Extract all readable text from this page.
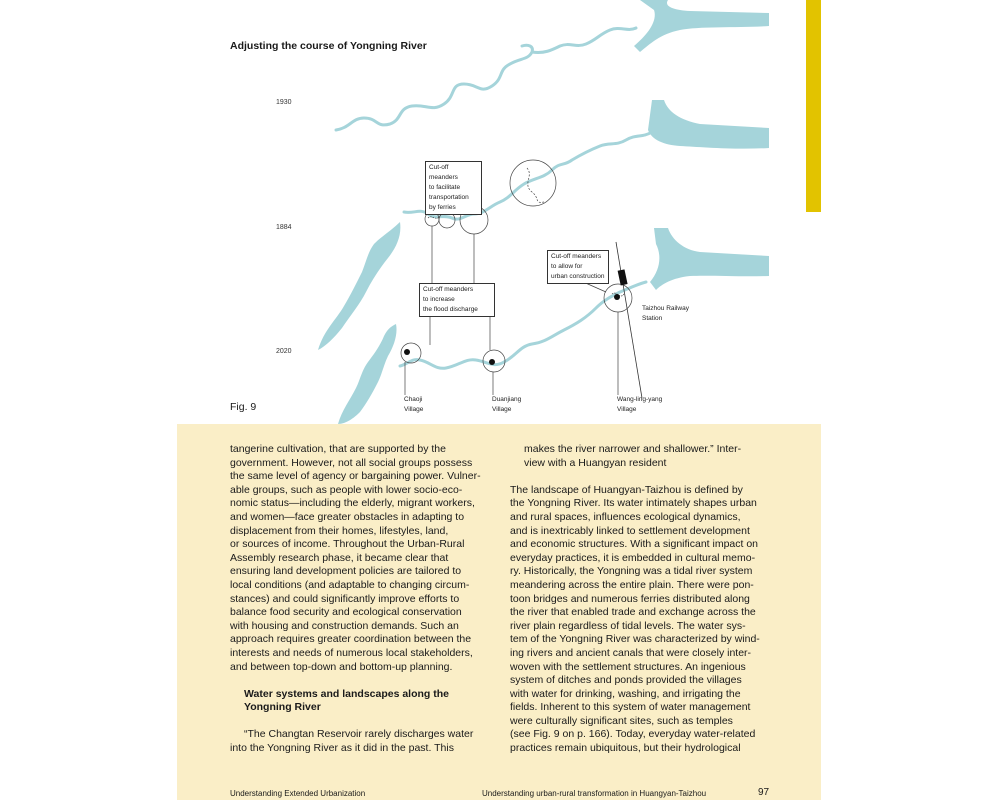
Adjusting the course of Yongning River
1930
1884
2020
Cut-off meanders
to facilitate
transportation
by ferries
Cut-off meanders
to allow for
urban construction
Cut-off meanders
to increase
the flood discharge	Taizhou Railway
Station
Chaoji
Village
Duanjiang
Village
Wang-ling-yang
Village
Fig. 9

tangerine cultivation, that are supported by the

government. However, not all social groups possess

the same level of agency or bargaining power. Vulner-

able groups, such as people with lower socio-eco-

nomic status—including the elderly, migrant workers,

and women—face greater obstacles in adapting to

displacement from their homes, lifestyles, land,

or sources of income. Throughout the Urban-Rural

Assembly research phase, it became clear that

ensuring land development policies are tailored to

local conditions (and adaptable to changing circum-

stances) and could significantly improve efforts to

balance food security and ecological conservation

with housing and construction demands. Such an

approach requires greater coordination between the

interests and needs of numerous local stakeholders,

and between top-down and bottom-up planning.

Water systems and landscapes along the

Yongning River

“The Changtan Reservoir rarely discharges water

into the Yongning River as it did in the past. This

makes the river narrower and shallower.” Inter-

view with a Huangyan resident

The landscape of Huangyan-Taizhou is defined by

the Yongning River. Its water intimately shapes urban

and rural spaces, influences ecological dynamics,

and is inextricably linked to settlement development

and economic structures. With a significant impact on

everyday practices, it is embedded in cultural memo-

ry. Historically, the Yongning was a tidal river system

meandering across the entire plain. There were pon-

toon bridges and numerous ferries distributed along

the river that enabled trade and exchange across the

river plain regardless of tidal levels. The water sys-

tem of the Yongning River was characterized by wind-

ing rivers and ancient canals that were closely inter-

woven with the settlement structures. An ingenious

system of ditches and ponds provided the villages

with water for drinking, washing, and irrigating the

fields. Inherent to this system of water management

were culturally significant sites, such as temples

(see Fig. 9 on p. 166). Today, everyday water-related

practices remain ubiquitous, but their hydrological

Understanding Extended Urbanization	Understanding urban-rural transformation in Huangyan-Taizhou	97
